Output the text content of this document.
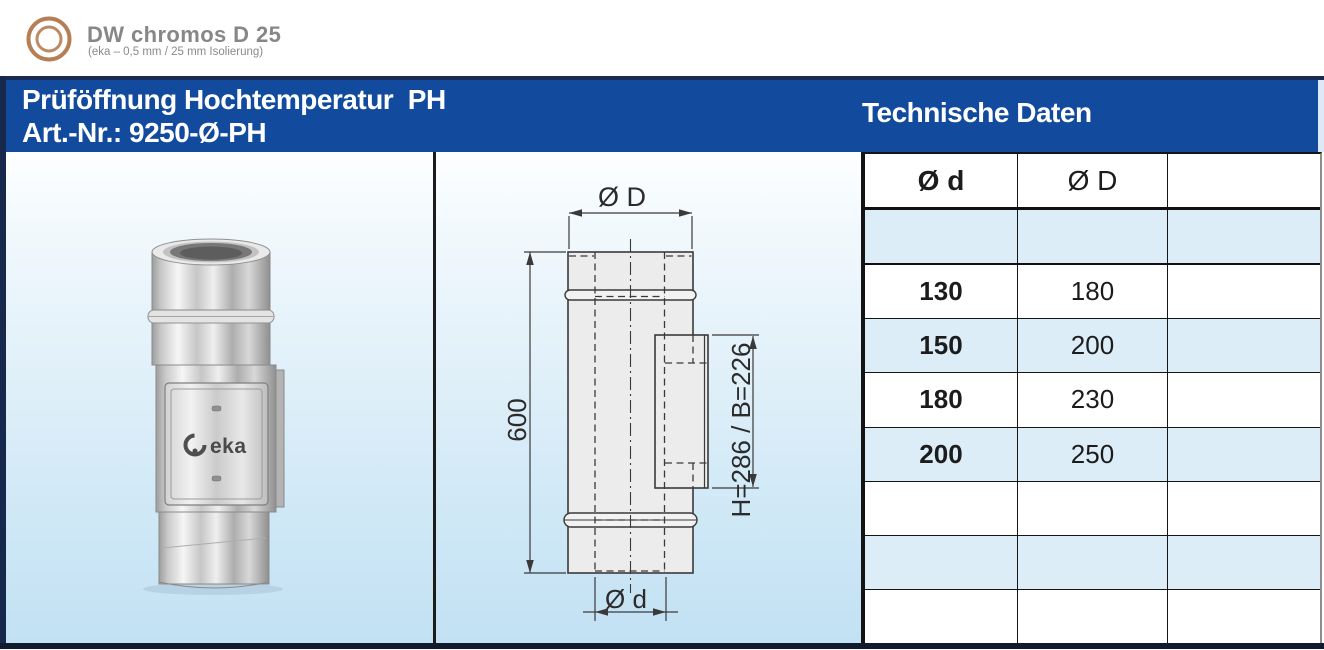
DW chromos D 25
(eka – 0,5 mm / 25 mm Isolierung)
Prüföffnung Hochtemperatur  PH
Art.-Nr.: 9250-Ø-PH
Technische Daten
eka
Ø D
600	H=286 / B=226
Ø d
Ø d	Ø D
130	180
150	200
180	230
200	250
